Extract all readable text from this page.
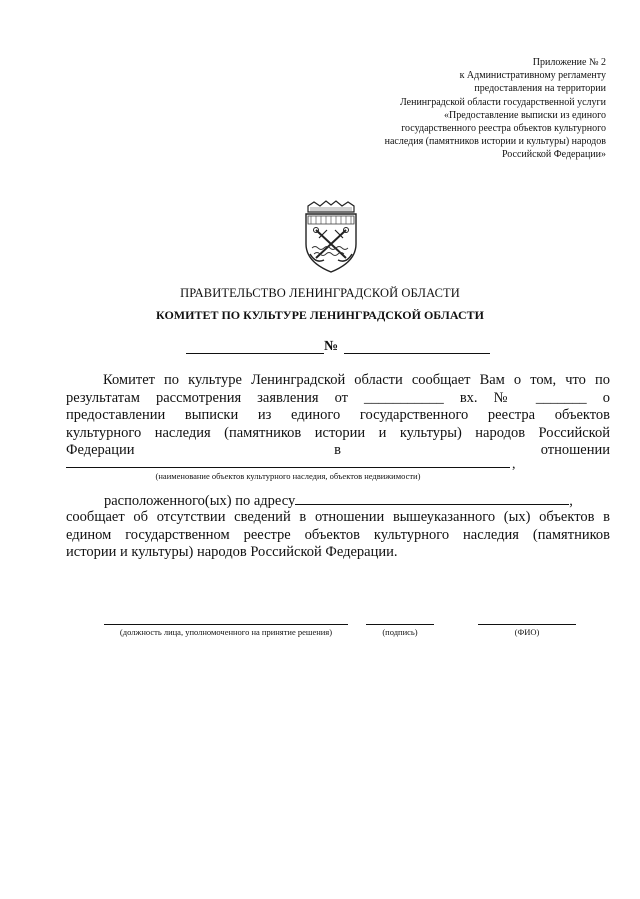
Приложение № 2
к Административному регламенту
предоставления на территории
Ленинградской области государственной услуги
«Предоставление выписки из единого
государственного реестра объектов культурного
наследия (памятников истории и культуры) народов
Российской Федерации»
ПРАВИТЕЛЬСТВО ЛЕНИНГРАДСКОЙ ОБЛАСТИ
КОМИТЕТ ПО КУЛЬТУРЕ ЛЕНИНГРАДСКОЙ ОБЛАСТИ
№
Комитет по культуре Ленинградской области сообщает Вам о том, что по
результатам рассмотрения заявления от ___________ вх. № _______ о
предоставлении выписки из единого государственного реестра объектов
культурного наследия (памятников истории и культуры) народов Российской
Федерации в отношении
,
(наименование объектов культурного наследия, объектов недвижимости)
расположенного(ых) по адресу	,
сообщает об отсутствии сведений в отношении вышеуказанного (ых) объектов в
едином государственном реестре объектов культурного наследия (памятников
истории и культуры) народов Российской Федерации.
(должность лица, уполномоченного на принятие решения)	(подпись)	(ФИО)
